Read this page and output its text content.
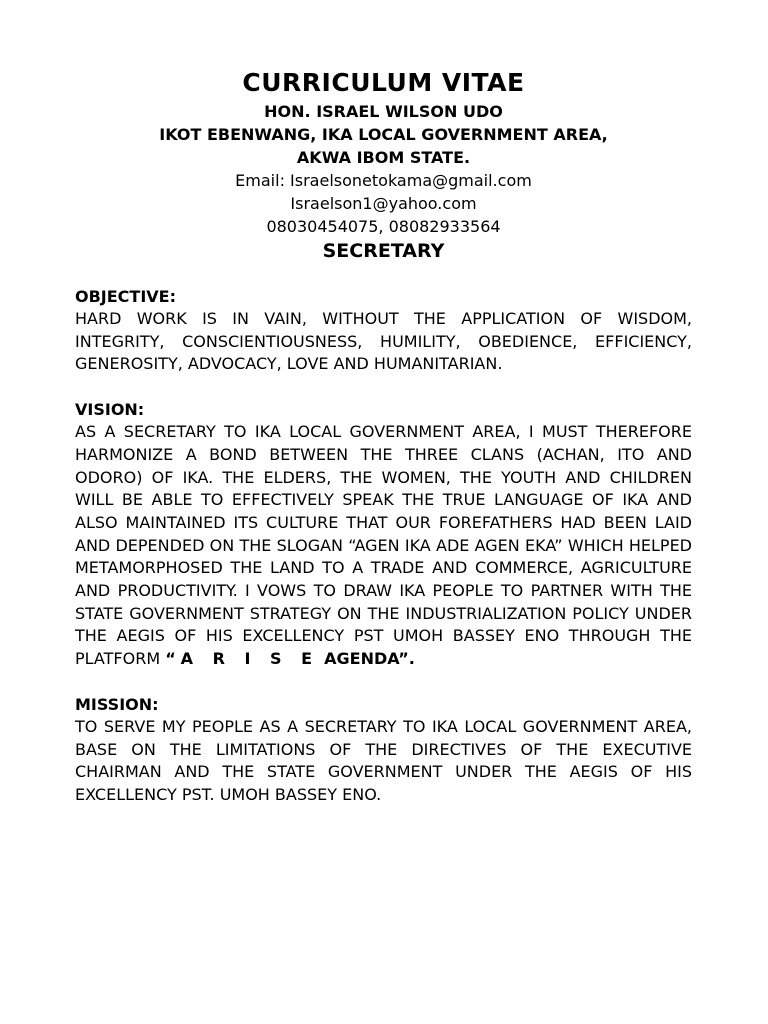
CURRICULUM VITAE

HON. ISRAEL WILSON UDO

IKOT EBENWANG, IKA LOCAL GOVERNMENT AREA,

AKWA IBOM STATE.

Email: Israelsonetokama@gmail.com

Israelson1@yahoo.com

08030454075, 08082933564

SECRETARY

OBJECTIVE:

HARD WORK IS IN VAIN, WITHOUT THE APPLICATION OF WISDOM, INTEGRITY, CONSCIENTIOUSNESS, HUMILITY, OBEDIENCE, EFFICIENCY, GENEROSITY, ADVOCACY, LOVE AND HUMANITARIAN.

VISION:

AS A SECRETARY TO IKA LOCAL GOVERNMENT AREA, I MUST THEREFORE HARMONIZE A BOND BETWEEN THE THREE CLANS (ACHAN, ITO AND ODORO) OF IKA. THE ELDERS, THE WOMEN, THE YOUTH AND CHILDREN WILL BE ABLE TO EFFECTIVELY SPEAK THE TRUE LANGUAGE OF IKA AND ALSO MAINTAINED ITS CULTURE THAT OUR FOREFATHERS HAD BEEN LAID AND DEPENDED ON THE SLOGAN “AGEN IKA ADE AGEN EKA” WHICH HELPED METAMORPHOSED THE LAND TO A TRADE AND COMMERCE, AGRICULTURE AND PRODUCTIVITY. I VOWS TO DRAW IKA PEOPLE TO PARTNER WITH THE STATE GOVERNMENT STRATEGY ON THE INDUSTRIALIZATION POLICY UNDER THE AEGIS OF HIS EXCELLENCY PST UMOH BASSEY ENO THROUGH THE PLATFORM “A R I S E AGENDA”.

MISSION:

TO SERVE MY PEOPLE AS A SECRETARY TO IKA LOCAL GOVERNMENT AREA, BASE ON THE LIMITATIONS OF THE DIRECTIVES OF THE EXECUTIVE CHAIRMAN AND THE STATE GOVERNMENT UNDER THE AEGIS OF HIS EXCELLENCY PST. UMOH BASSEY ENO.
